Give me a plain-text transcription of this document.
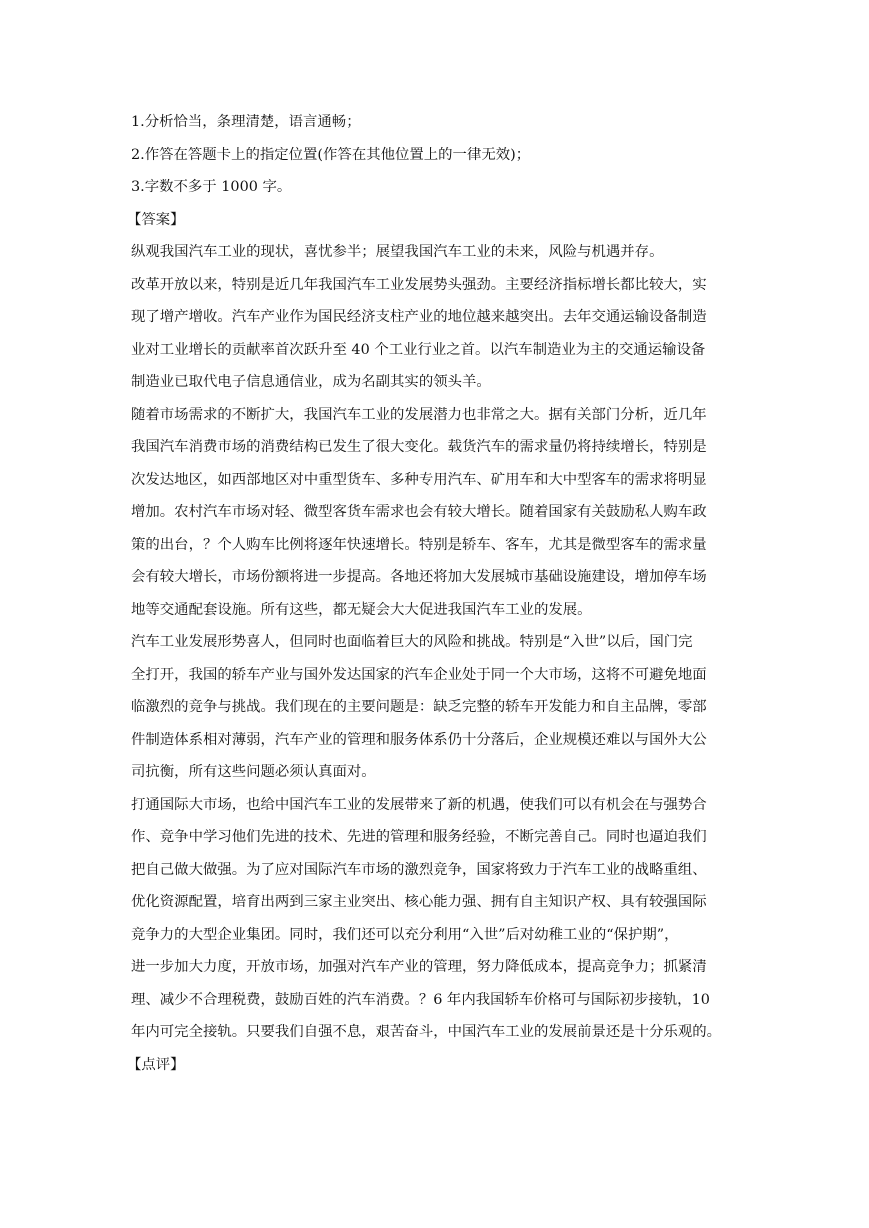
1.分析恰当，条理清楚，语言通畅；
2.作答在答题卡上的指定位置(作答在其他位置上的一律无效)；
3.字数不多于 1000 字。
【答案】
纵观我国汽车工业的现状，喜忧参半；展望我国汽车工业的未来，风险与机遇并存。
改革开放以来，特别是近几年我国汽车工业发展势头强劲。主要经济指标增长都比较大，实
现了增产增收。汽车产业作为国民经济支柱产业的地位越来越突出。去年交通运输设备制造
业对工业增长的贡献率首次跃升至 40 个工业行业之首。以汽车制造业为主的交通运输设备
制造业已取代电子信息通信业，成为名副其实的领头羊。
随着市场需求的不断扩大，我国汽车工业的发展潜力也非常之大。据有关部门分析，近几年
我国汽车消费市场的消费结构已发生了很大变化。载货汽车的需求量仍将持续增长，特别是
次发达地区，如西部地区对中重型货车、多种专用汽车、矿用车和大中型客车的需求将明显
增加。农村汽车市场对轻、微型客货车需求也会有较大增长。随着国家有关鼓励私人购车政
策的出台，？个人购车比例将逐年快速增长。特别是轿车、客车，尤其是微型客车的需求量
会有较大增长，市场份额将进一步提高。各地还将加大发展城市基础设施建设，增加停车场
地等交通配套设施。所有这些，都无疑会大大促进我国汽车工业的发展。
汽车工业发展形势喜人，但同时也面临着巨大的风险和挑战。特别是“入世”以后，国门完
全打开，我国的轿车产业与国外发达国家的汽车企业处于同一个大市场，这将不可避免地面
临激烈的竞争与挑战。我们现在的主要问题是：缺乏完整的轿车开发能力和自主品牌，零部
件制造体系相对薄弱，汽车产业的管理和服务体系仍十分落后，企业规模还难以与国外大公
司抗衡，所有这些问题必须认真面对。
打通国际大市场，也给中国汽车工业的发展带来了新的机遇，使我们可以有机会在与强势合
作、竞争中学习他们先进的技术、先进的管理和服务经验，不断完善自己。同时也逼迫我们
把自己做大做强。为了应对国际汽车市场的激烈竞争，国家将致力于汽车工业的战略重组、
优化资源配置，培育出两到三家主业突出、核心能力强、拥有自主知识产权、具有较强国际
竞争力的大型企业集团。同时，我们还可以充分利用“入世”后对幼稚工业的“保护期”，
进一步加大力度，开放市场，加强对汽车产业的管理，努力降低成本，提高竞争力；抓紧清
理、减少不合理税费，鼓励百姓的汽车消费。？6 年内我国轿车价格可与国际初步接轨，10
年内可完全接轨。只要我们自强不息，艰苦奋斗，中国汽车工业的发展前景还是十分乐观的。
【点评】
